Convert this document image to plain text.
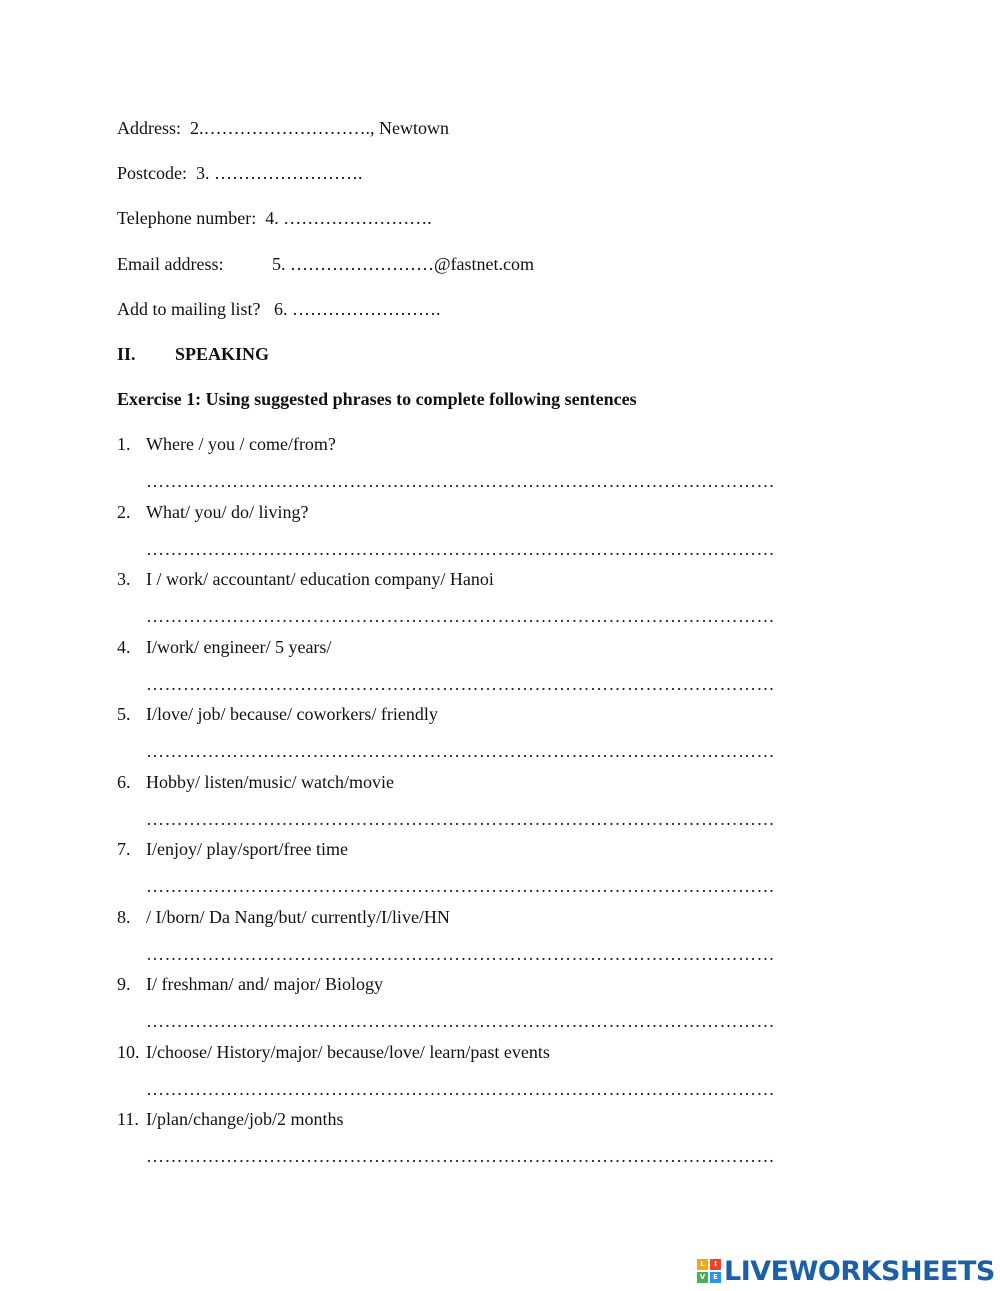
Address: 2.………………………., Newtown
Postcode: 3. …………………….
Telephone number: 4. …………………….
Email address:	5. ……………………@fastnet.com
Add to mailing list? 6. …………………….
II. SPEAKING
Exercise 1: Using suggested phrases to complete following sentences
1. Where / you / come/from?
…………………………………………………………………………………………
2. What/ you/ do/ living?
…………………………………………………………………………………………
3. I / work/ accountant/ education company/ Hanoi
…………………………………………………………………………………………
4. I/work/ engineer/ 5 years/
…………………………………………………………………………………………
5. I/love/ job/ because/ coworkers/ friendly
…………………………………………………………………………………………
6. Hobby/ listen/music/ watch/movie
…………………………………………………………………………………………
7. I/enjoy/ play/sport/free time
…………………………………………………………………………………………
8. / I/born/ Da Nang/but/ currently/I/live/HN
…………………………………………………………………………………………
9. I/ freshman/ and/ major/ Biology
…………………………………………………………………………………………
10. I/choose/ History/major/ because/love/ learn/past events
…………………………………………………………………………………………
11. I/plan/change/job/2 months
…………………………………………………………………………………………
L	I
V	E LIVEWORKSHEETS
